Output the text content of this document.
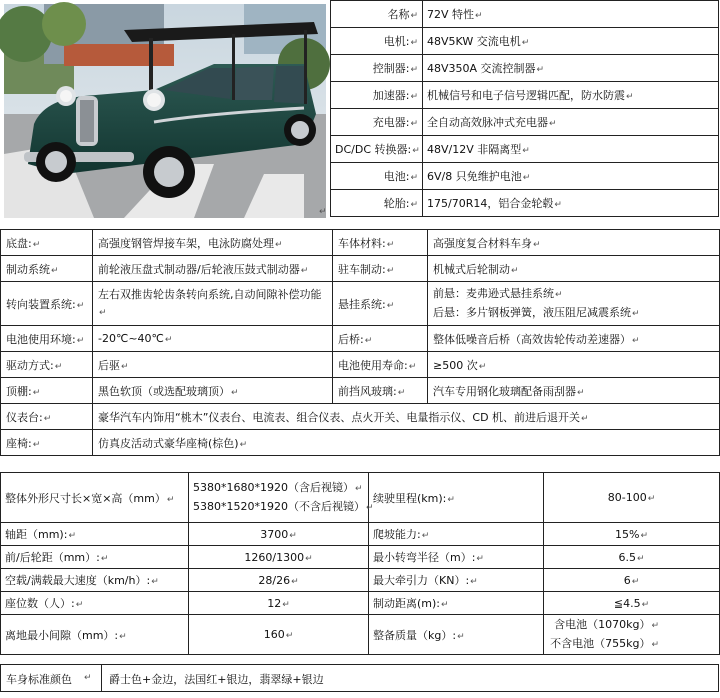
↵
名称↵	72V 特性↵
电机:↵	48V5KW 交流电机↵
控制器:↵	48V350A 交流控制器↵
加速器:↵	机械信号和电子信号逻辑匹配，防水防震↵
充电器:↵	全自动高效脉冲式充电器↵
DC/DC 转换器:↵	48V/12V 非隔离型↵
电池:↵	6V/8 只免维护电池↵
轮胎:↵	175/70R14，铝合金轮毂↵
底盘:↵	高强度钢管焊接车架，电泳防腐处理↵	车体材料:↵	高强度复合材料车身↵
制动系统↵	前轮液压盘式制动器/后轮液压鼓式制动器↵	驻车制动:↵	机械式后轮制动↵
转向装置系统:↵	左右双推齿轮齿条转向系统,自动间隙补偿功能↵	悬挂系统:↵	前悬：麦弗逊式悬挂系统↵
后悬：多片钢板弹簧，液压阻尼减震系统↵

电池使用环境:↵	-20℃~40℃↵	后桥:↵	整体低噪音后桥（高效齿轮传动差速器）↵
驱动方式:↵	后驱↵	电池使用寿命:↵	≥500 次↵
顶棚:↵	黑色软顶（或选配玻璃顶）↵	前挡风玻璃:↵	汽车专用钢化玻璃配备雨刮器↵
仪表台:↵	豪华汽车内饰用“桃木”仪表台、电流表、组合仪表、点火开关、电量指示仪、CD 机、前进后退开关↵		
座椅:↵	仿真皮活动式豪华座椅(棕色)↵		
整体外形尺寸长×宽×高（mm）↵	5380*1680*1920（含后视镜）↵
5380*1520*1920（不含后视镜）↵	续驶里程(km):↵	80-100↵
轴距（mm):↵	3700↵	爬坡能力:↵	15%↵
前/后轮距（mm）:↵	1260/1300↵	最小转弯半径（m）:↵	6.5↵
空载/满载最大速度（km/h）:↵	28/26↵	最大牵引力（KN）:↵	6↵
座位数（人）:↵	12↵	制动距离(m):↵	≦4.5↵
离地最小间隙（mm）:↵	160↵	整备质量（kg）:↵	含电池（1070kg）↵
不含电池（755kg）↵
车身标准颜色 ↵ 爵士色+金边，法国红+银边，翡翠绿+银边
